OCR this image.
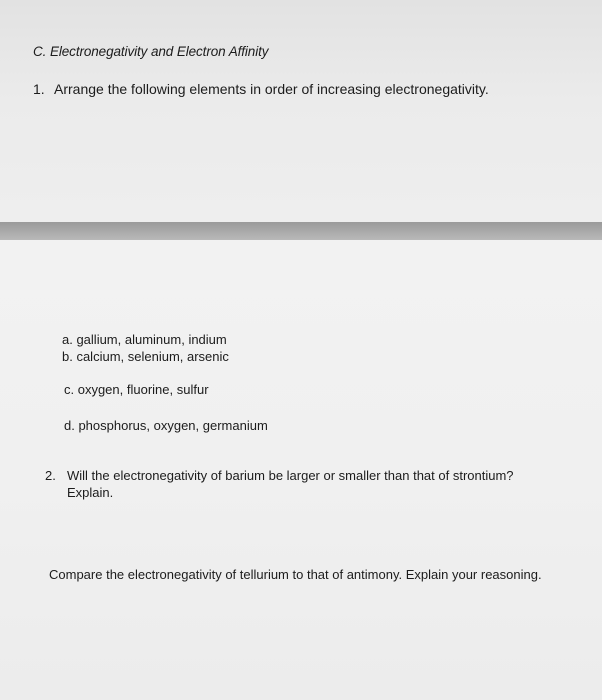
C. Electronegativity and Electron Affinity
1. Arrange the following elements in order of increasing electronegativity.
a. gallium, aluminum, indium
b. calcium, selenium, arsenic
c. oxygen, fluorine, sulfur
d. phosphorus, oxygen, germanium
2. Will the electronegativity of barium be larger or smaller than that of strontium?
Explain.
Compare the electronegativity of tellurium to that of antimony. Explain your reasoning.
